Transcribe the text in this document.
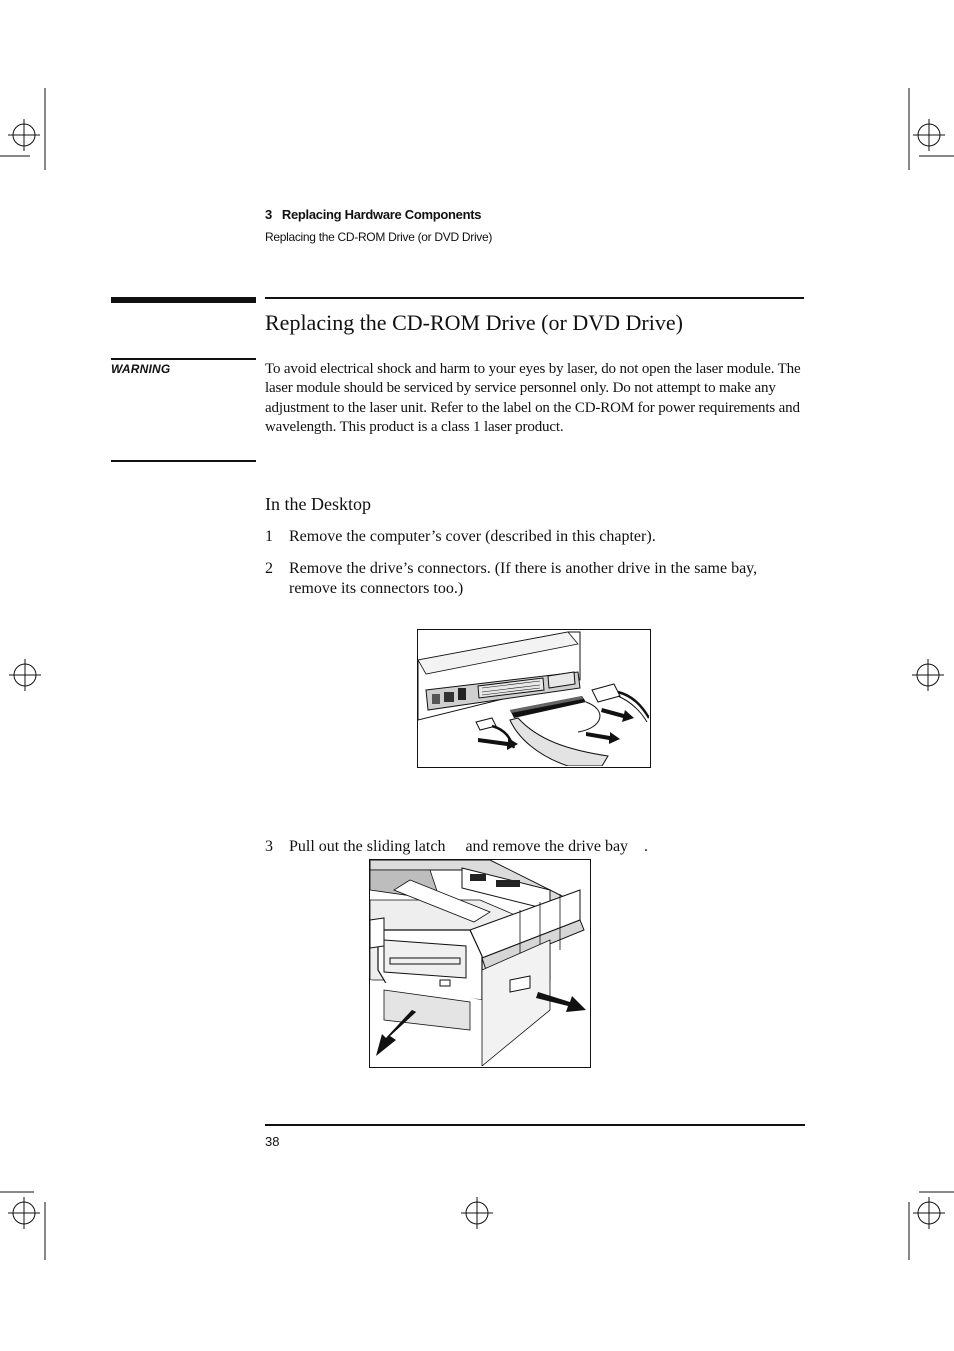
3 Replacing Hardware Components
Replacing the CD-ROM Drive (or DVD Drive)
Replacing the CD-ROM Drive (or DVD Drive)
WARNING	To avoid electrical shock and harm to your eyes by laser, do not open the laser module. The laser module should be serviced by service personnel only. Do not attempt to make any adjustment to the laser unit. Refer to the label on the CD-ROM for power requirements and wavelength. This product is a class 1 laser product.
In the Desktop
1 Remove the computer’s cover (described in this chapter).
2 Remove the drive’s connectors. (If there is another drive in the same bay, remove its connectors too.)
3 Pull out the sliding latch     and remove the drive bay    .
38
